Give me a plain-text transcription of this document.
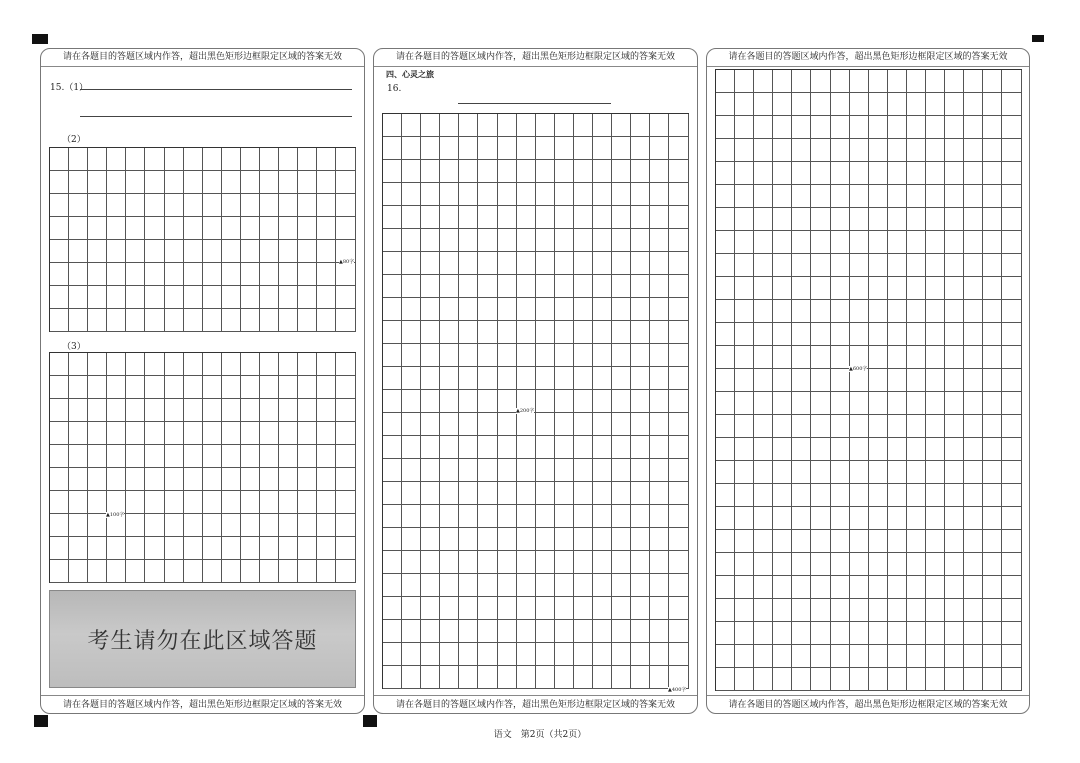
请在各题目的答题区域内作答，超出黑色矩形边框限定区域的答案无效
请在各题目的答题区域内作答，超出黑色矩形边框限定区域的答案无效
15.（1）
（2）
▲80字
（3）
▲100字
考生请勿在此区域答题
请在各题目的答题区域内作答，超出黑色矩形边框限定区域的答案无效
请在各题目的答题区域内作答，超出黑色矩形边框限定区域的答案无效
四、心灵之旅
16.
▲200字
▲400字
请在各题目的答题区域内作答，超出黑色矩形边框限定区域的答案无效
请在各题目的答题区域内作答，超出黑色矩形边框限定区域的答案无效
▲600字
语文　第2页（共2页）
